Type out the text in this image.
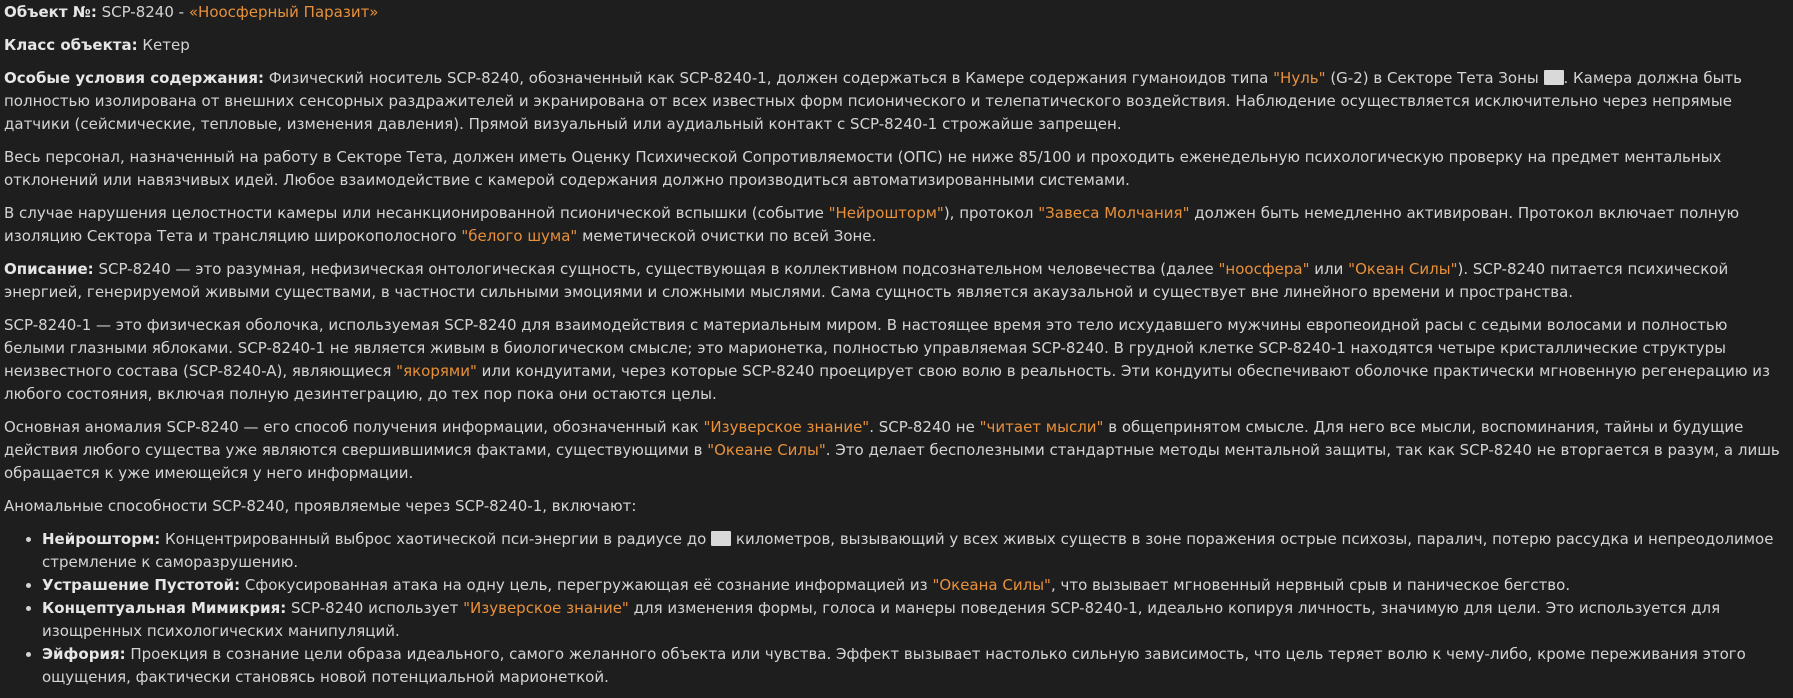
Объект №: SCP-8240 - «Ноосферный Паразит»

Класс объекта: Кетер

Особые условия содержания: Физический носитель SCP-8240, обозначенный как SCP-8240-1, должен содержаться в Камере содержания гуманоидов типа "Нуль" (G-2) в Секторе Тета Зоны . Камера должна быть полностью изолирована от внешних сенсорных раздражителей и экранирована от всех известных форм псионического и телепатического воздействия. Наблюдение осуществляется исключительно через непрямые датчики (сейсмические, тепловые, изменения давления). Прямой визуальный или аудиальный контакт с SCP-8240-1 строжайше запрещен.

Весь персонал, назначенный на работу в Секторе Тета, должен иметь Оценку Психической Сопротивляемости (ОПС) не ниже 85/100 и проходить еженедельную психологическую проверку на предмет ментальных отклонений или навязчивых идей. Любое взаимодействие с камерой содержания должно производиться автоматизированными системами.

В случае нарушения целостности камеры или несанкционированной псионической вспышки (событие "Нейрошторм"), протокол "Завеса Молчания" должен быть немедленно активирован. Протокол включает полную изоляцию Сектора Тета и трансляцию широкополосного "белого шума" меметической очистки по всей Зоне.

Описание: SCP-8240 — это разумная, нефизическая онтологическая сущность, существующая в коллективном подсознательном человечества (далее "ноосфера" или "Океан Силы"). SCP-8240 питается психической энергией, генерируемой живыми существами, в частности сильными эмоциями и сложными мыслями. Сама сущность является акаузальной и существует вне линейного времени и пространства.

SCP-8240-1 — это физическая оболочка, используемая SCP-8240 для взаимодействия с материальным миром. В настоящее время это тело исхудавшего мужчины европеоидной расы с седыми волосами и полностью белыми глазными яблоками. SCP-8240-1 не является живым в биологическом смысле; это марионетка, полностью управляемая SCP-8240. В грудной клетке SCP-8240-1 находятся четыре кристаллические структуры неизвестного состава (SCP-8240-A), являющиеся "якорями" или кондуитами, через которые SCP-8240 проецирует свою волю в реальность. Эти кондуиты обеспечивают оболочке практически мгновенную регенерацию из любого состояния, включая полную дезинтеграцию, до тех пор пока они остаются целы.

Основная аномалия SCP-8240 — его способ получения информации, обозначенный как "Изуверское знание". SCP-8240 не "читает мысли" в общепринятом смысле. Для него все мысли, воспоминания, тайны и будущие действия любого существа уже являются свершившимися фактами, существующими в "Океане Силы". Это делает бесполезными стандартные методы ментальной защиты, так как SCP-8240 не вторгается в разум, а лишь обращается к уже имеющейся у него информации.

Аномальные способности SCP-8240, проявляемые через SCP-8240-1, включают:

• Нейрошторм: Концентрированный выброс хаотической пси-энергии в радиусе до километров, вызывающий у всех живых существ в зоне поражения острые психозы, паралич, потерю рассудка и непреодолимое стремление к саморазрушению.
• Устрашение Пустотой: Сфокусированная атака на одну цель, перегружающая её сознание информацией из "Океана Силы", что вызывает мгновенный нервный срыв и паническое бегство.
• Концептуальная Мимикрия: SCP-8240 использует "Изуверское знание" для изменения формы, голоса и манеры поведения SCP-8240-1, идеально копируя личность, значимую для цели. Это используется для изощренных психологических манипуляций.
• Эйфория: Проекция в сознание цели образа идеального, самого желанного объекта или чувства. Эффект вызывает настолько сильную зависимость, что цель теряет волю к чему-либо, кроме переживания этого ощущения, фактически становясь новой потенциальной марионеткой.
